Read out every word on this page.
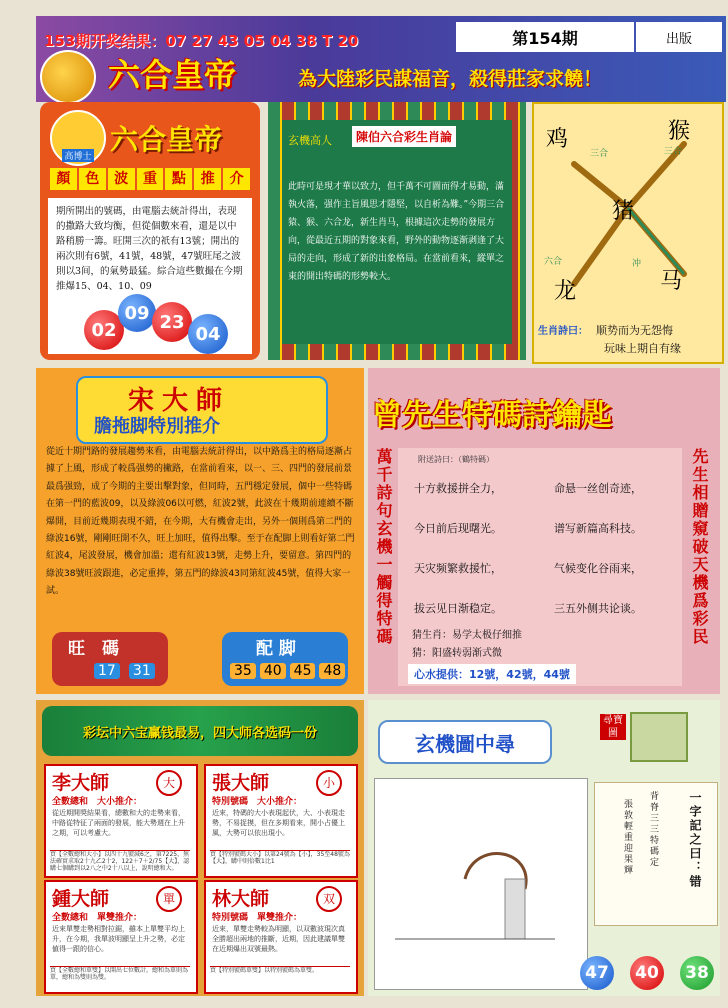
153期开奖结果：07 27 43 05 04 38 T 20	第154期	出版
六合皇帝	為大陸彩民謀福音，殺得莊家求饒！
高博士
六合皇帝
顏	色	波	重	點	推	介
期所開出的號碼，由電腦去統計得出，表现的撒路大致均衡，但從個數來看，還是以中路稍勝一籌。旺開三次的祇有13號；開出的兩次則有6號，41號，48號，47號旺尾之波則以3间，的氣勢最猛。綜合這些數撮在今期推爆15、04、10、09
02
09 23
04
玄機高人	陳伯六合彩生肖論
此時可是現才華以致力，但千萬不可圖而得才易動，滿執火落，强作主旨風思才隱堅，以自析為難。”今期三合猿、猴、六合龙，新生肖马，根據這次走勢的發展方向，從最近五期的對象來看，野外的動物逐渐剥逢了大局的走向，形成了新的出象格局。在當前看來，縱單之東的開出特碼的形勢較大。
鸡	猴
猪
龙	马
三合	三合
六合	冲
生肖詩曰： 顺势而为无怨悔
玩味上期自有缘
宋大師
膽拖脚特別推介
從近十期門路的發展趨勢來看，由電腦去統計得出，以中路爲主的格局逐漸占據了上風，形成了較爲强勢的撇路，在當前看來，以一、三、四門的發展前景最爲强勁，成了今期的主要出擊對象，但同時，五門穩定發展，個中一些特碼在第一門的藍波09，以及綠波06以可燃，紅波2號，此波在十幾期前連續不斷爆開，目前近幾期表現不錯，在今期，大有機會走出，另外一個則爲第二門的綠波16號，剛剛旺開不久，旺上加旺，值得出擊。至于在配脚上則看好第二門紅波4，尾波發展，機會加溫；還有紅波13號，走勢上升，要留意。第四門的綠波38號旺波跟進，必定重捧，第五門的綠波43同第紅波45號，值得大家一試。
旺　碼
17 31
配 脚
35 40 45 48
曾先生特碼詩鑰匙
萬千詩句玄機一觸得特碼	先生相贈窺破天機爲彩民
附送詩曰：（鶴特碼）
十方救援拼全力，	命悬一丝创奇迹，
今日前后现曙光。	谱写新篇高科技。
天灾频繁救援忙，	气候变化谷雨来，
拔云见日渐稳定。	三五外侧共论谈。
猜生肖：易学太极仔细推
猜：阳盛转弱渐式微
心水提供：12號，42號，44號
彩坛中六宝赢钱最易，四大师各选码一份
李大師	大
全數總和　大小推介：
從近期開獎結果看，總數和大的走勢來看，中路從特征了兩面的發展，能大勢週在上升之期，可以考慮大。
買【全數總和大小】以四十九號減6之，第7225，無法確實求取2十九乙2十2，122＋7＋2/75【大】，認購七個購到以2八之中2十八以上，說明總和大。
張大師	小
特別號碼　大小推介：
近來，特碼的大小表現起伏，大、小表現走勢，不易捉摸，但在多期看來，開小占優上風，大勢可以依出現小。
買【特別號碼大小】以第24號為【小】，35至48號為【大】，購中則倍數1比1
鍾大師	單
全數總和　單雙推介：
近來單雙走勢相對拉鋸，雖本上單雙平均上升，在今期，我單波明顯呈上升之勢，必定値得一跟的信心。
買【全數總和單雙】以開出七位數計，總和為單則為單，總和為雙則為雙。
林大師	双
特別號碼　單雙推介：
近來，單雙走勢較為明顯，以双數波現次真全勝超出兩地的推斷，近期，因此建議單雙在近期爆出双號最熱。
買【特別號碼單雙】以特別號碼為單雙。
玄機圖中尋
尋寶圖
背脊三三特碼定
張敦輕重迎果輝	一字記之曰：错
47	40	38
